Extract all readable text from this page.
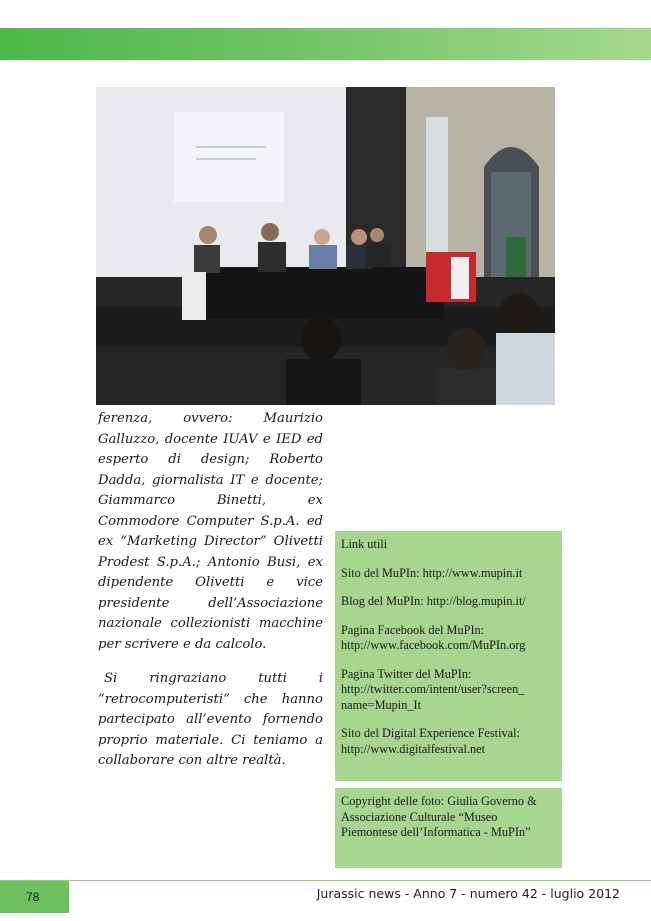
ferenza, ovvero: Maurizio Galluzzo, docente IUAV e IED ed esperto di design; Roberto Dadda, giornalista IT e docente; Giammarco Binetti, ex Commodore Computer S.p.A. ed ex “Marketing Director” Olivetti Prodest S.p.A.; Antonio Busi, ex dipendente Olivetti e vice presidente dell’Associazione nazionale collezionisti macchine per scrivere e da calcolo.

Si ringraziano tutti i “retrocomputeristi” che hanno partecipato all’evento fornendo proprio materiale. Ci teniamo a collaborare con altre realtà.

Link utili
Sito del MuPIn: http://www.mupin.it
Blog del MuPIn: http://blog.mupin.it/
Pagina Facebook del MuPIn:
http://www.facebook.com/MuPIn.org
Pagina Twitter del MuPIn:
http://twitter.com/intent/user?screen_ name=Mupin_It
Sito del Digital Experience Festival:
http://www.digitalfestival.net
Copyright delle foto: Giulia Governo & Associazione Culturale “Museo Piemontese dell’Informatica - MuPIn”
78	Jurassic news - Anno 7 - numero 42 - luglio 2012
